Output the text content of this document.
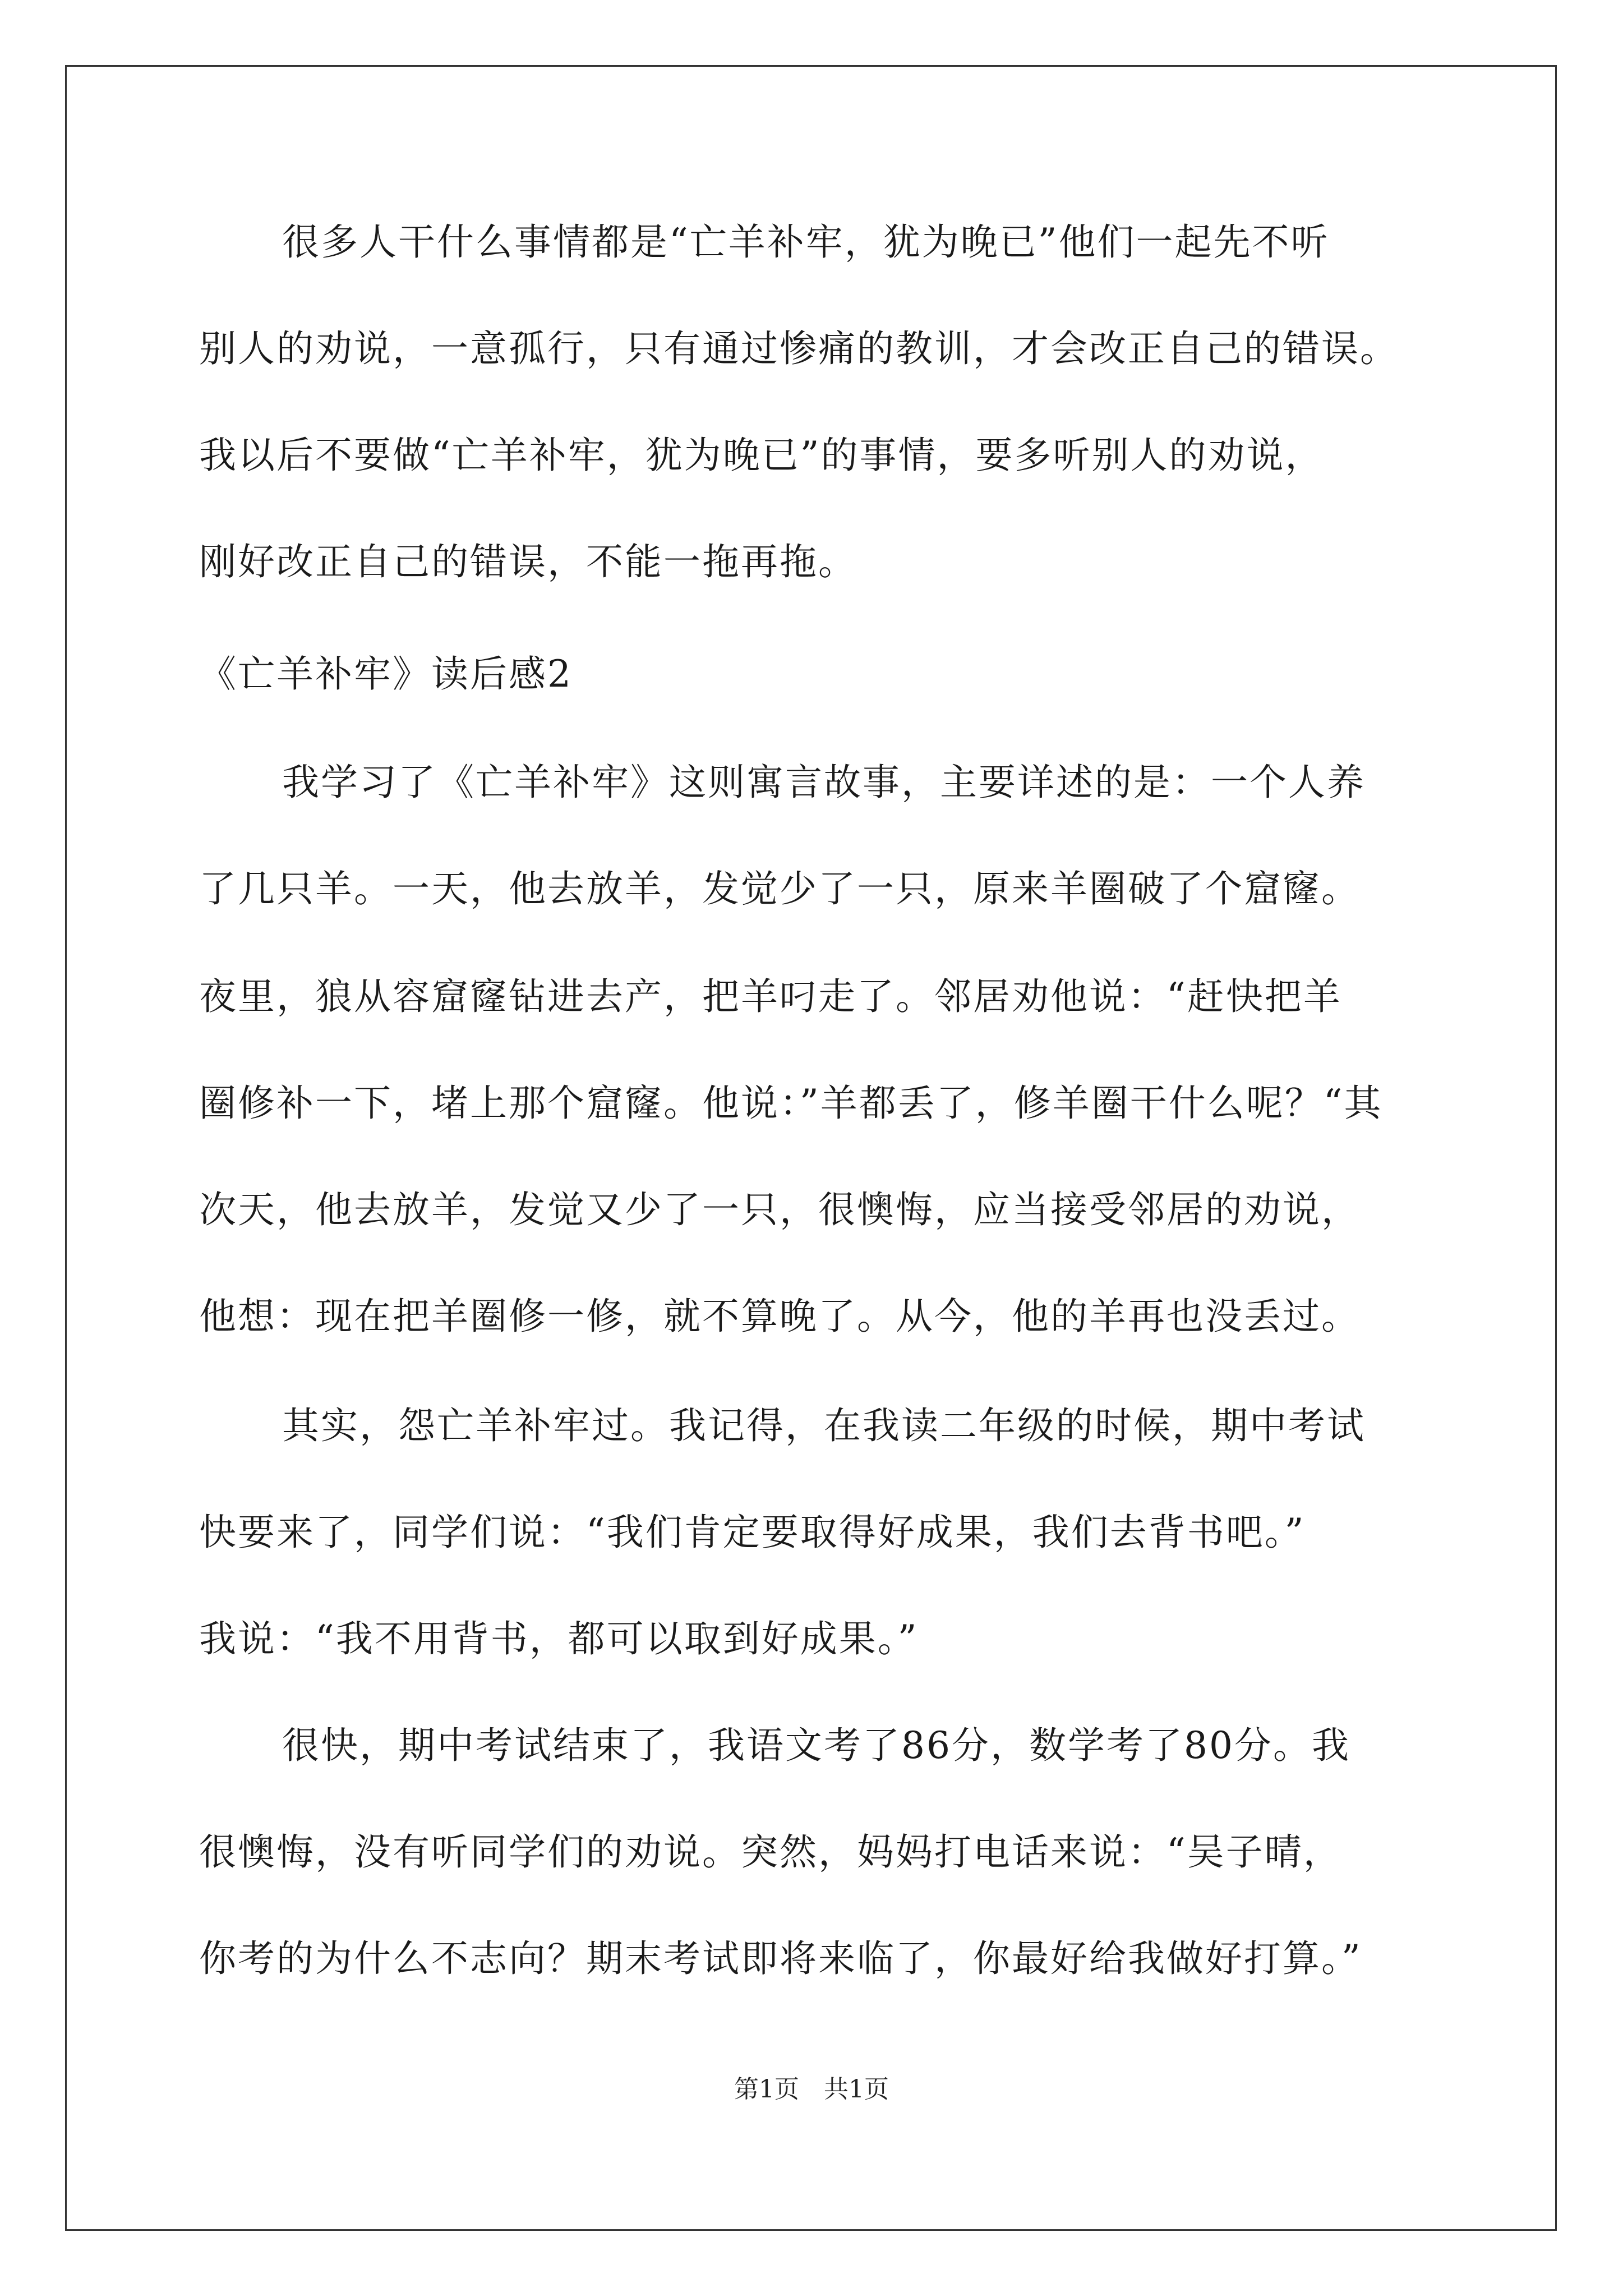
很多人干什么事情都是“亡羊补牢，犹为晚已”他们一起先不听
别人的劝说，一意孤行，只有通过惨痛的教训，才会改正自己的错误。
我以后不要做“亡羊补牢，犹为晚已”的事情，要多听别人的劝说，
刚好改正自己的错误，不能一拖再拖。
《亡羊补牢》读后感2
我学习了《亡羊补牢》这则寓言故事，主要详述的是：一个人养
了几只羊。一天，他去放羊，发觉少了一只，原来羊圈破了个窟窿。
夜里，狼从容窟窿钻进去产，把羊叼走了。邻居劝他说：“赶快把羊
圈修补一下，堵上那个窟窿。他说：”羊都丢了，修羊圈干什么呢？“其
次天，他去放羊，发觉又少了一只，很懊悔，应当接受邻居的劝说，
他想：现在把羊圈修一修，就不算晚了。从今，他的羊再也没丢过。
其实，怨亡羊补牢过。我记得，在我读二年级的时候，期中考试
快要来了，同学们说：“我们肯定要取得好成果，我们去背书吧。”
我说：“我不用背书，都可以取到好成果。”
很快，期中考试结束了，我语文考了86分，数学考了80分。我
很懊悔，没有听同学们的劝说。突然，妈妈打电话来说：“吴子晴，
你考的为什么不志向？期末考试即将来临了，你最好给我做好打算。”
第1页　共1页
